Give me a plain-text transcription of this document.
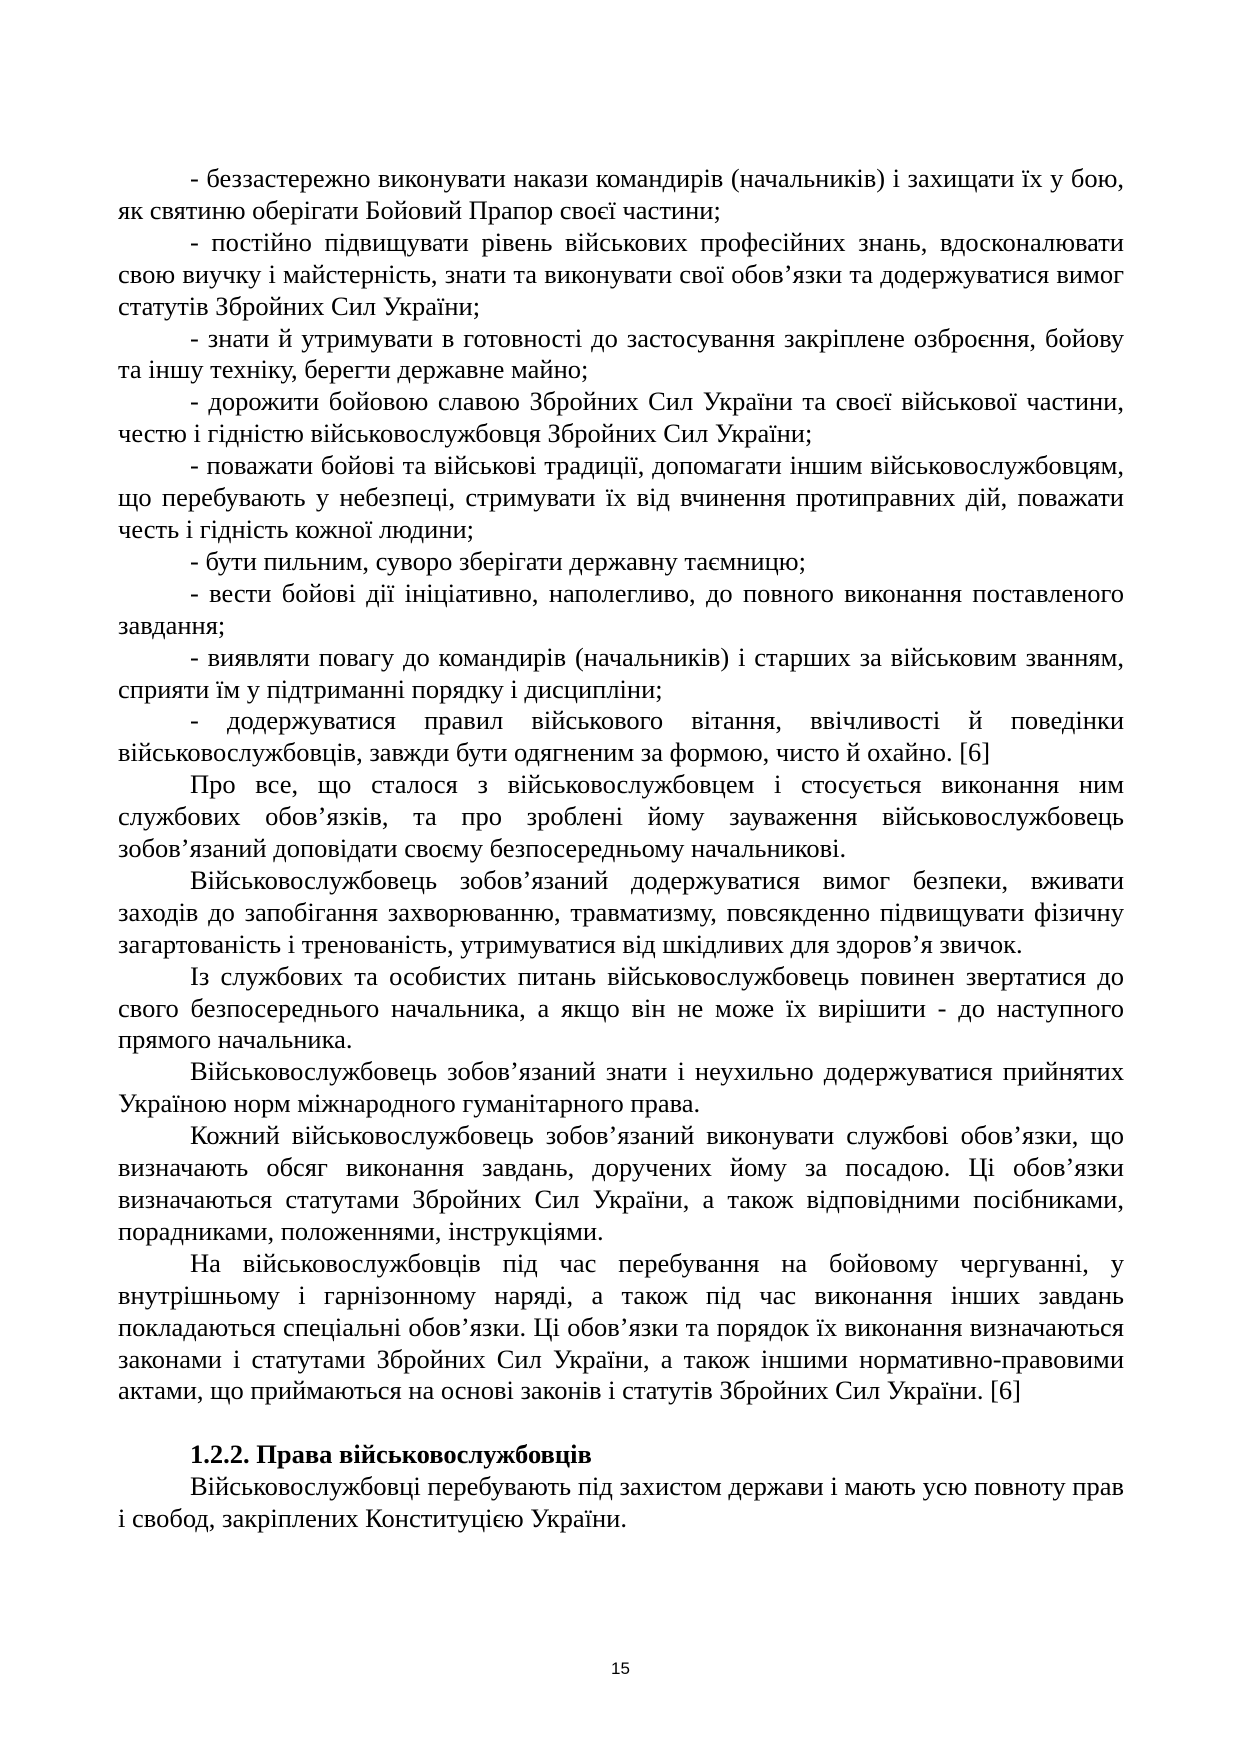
- беззастережно виконувати накази командирів (начальників) і захищати їх у бою, як святиню оберігати Бойовий Прапор своєї частини;

- постійно підвищувати рівень військових професійних знань, вдосконалювати свою виучку і майстерність, знати та виконувати свої обов’язки та додержуватися вимог статутів Збройних Сил України;

- знати й утримувати в готовності до застосування закріплене озброєння, бойову та іншу техніку, берегти державне майно;

- дорожити бойовою славою Збройних Сил України та своєї військової частини, честю і гідністю військовослужбовця Збройних Сил України;

- поважати бойові та військові традиції, допомагати іншим військовослужбовцям, що перебувають у небезпеці, стримувати їх від вчинення протиправних дій, поважати честь і гідність кожної людини;

- бути пильним, суворо зберігати державну таємницю;

- вести бойові дії ініціативно, наполегливо, до повного виконання поставленого завдання;

- виявляти повагу до командирів (начальників) і старших за військовим званням, сприяти їм у підтриманні порядку і дисципліни;

- додержуватися правил військового вітання, ввічливості й поведінки військовослужбовців, завжди бути одягненим за формою, чисто й охайно. [6]

Про все, що сталося з військовослужбовцем і стосується виконання ним службових обов’язків, та про зроблені йому зауваження військовослужбовець зобов’язаний доповідати своєму безпосередньому начальникові.

Військовослужбовець зобов’язаний додержуватися вимог безпеки, вживати заходів до запобігання захворюванню, травматизму, повсякденно підвищувати фізичну загартованість і тренованість, утримуватися від шкідливих для здоров’я звичок.

Із службових та особистих питань військовослужбовець повинен звертатися до свого безпосереднього начальника, а якщо він не може їх вирішити - до наступного прямого начальника.

Військовослужбовець зобов’язаний знати і неухильно додержуватися прийнятих Україною норм міжнародного гуманітарного права.

Кожний військовослужбовець зобов’язаний виконувати службові обов’язки, що визначають обсяг виконання завдань, доручених йому за посадою. Ці обов’язки визначаються статутами Збройних Сил України, а також відповідними посібниками, порадниками, положеннями, інструкціями.

На військовослужбовців під час перебування на бойовому чергуванні, у внутрішньому і гарнізонному наряді, а також під час виконання інших завдань покладаються спеціальні обов’язки. Ці обов’язки та порядок їх виконання визначаються законами і статутами Збройних Сил України, а також іншими нормативно-правовими актами, що приймаються на основі законів і статутів Збройних Сил України. [6]

1.2.2. Права військовослужбовців

Військовослужбовці перебувають під захистом держави і мають усю повноту прав і свобод, закріплених Конституцією України.

15
